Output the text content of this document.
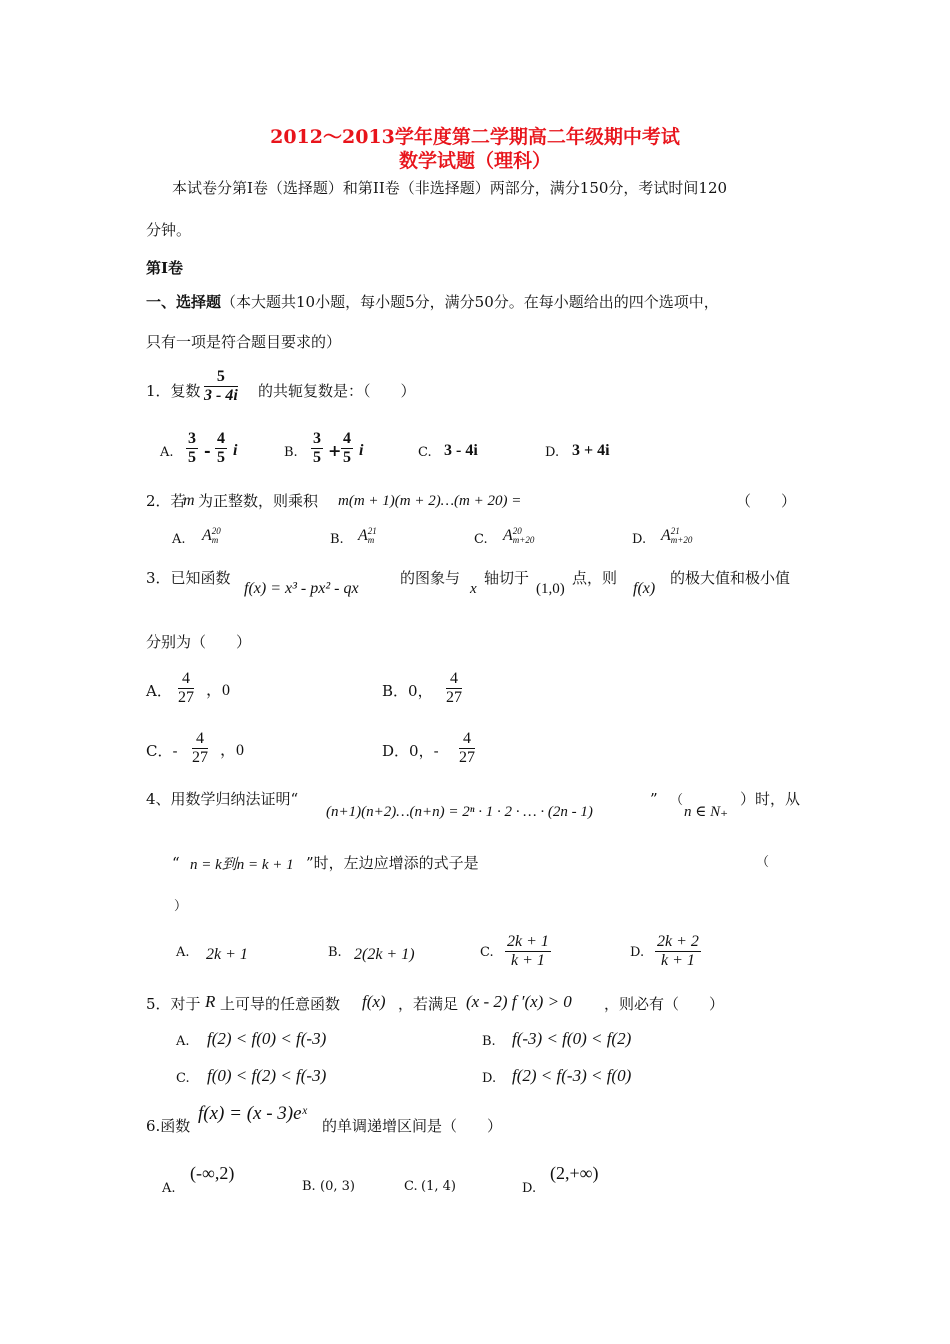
2012～2013学年度第二学期高二年级期中考试
数学试题（理科）
本试卷分第I卷（选择题）和第II卷（非选择题）两部分，满分150分，考试时间120
分钟。
第I卷
一、选择题（本大题共10小题，每小题5分，满分50分。在每小题给出的四个选项中，
只有一项是符合题目要求的）
1．复数 $\frac{5}{3 - 4i}$ 的共轭复数是：（　　）
A. $\frac{3}{5} - \frac{4}{5}$ i	B. $\frac{3}{5} + \frac{4}{5}$ i	C. 3 - 4i	D. 3 + 4i
2．若
m 为正整数，则乘积 m(m + 1)(m + 2)…(m + 20) =	（　　）
A. A 20
m	B. A 21
m	C. A 20
m+20	D. A 21
m+20
3．已知函数
f(x) = x³ - px² - qx
的图象与
x
轴切于
(1,0)
点，则
f(x)
的极大值和极小值
分别为（　　）
A． $\frac{4}{27}$ ，0	B．0， $\frac{4}{27}$
C．- $\frac{4}{27}$ ，0	D．0，- $\frac{4}{27}$
4、用数学归纳法证明“
(n+1)(n+2)…(n+n) = 2ⁿ · 1 · 2 · … · (2n - 1)
” （
n ∈ N₊
）时，从
“ n = k到n = k + 1 ”时，左边应增添的式子是	（
）
A. 2k + 1	B. 2(2k + 1)	C. $\frac{2k + 1}{k + 1}$	D. $\frac{2k + 2}{k + 1}$
5．对于 R 上可导的任意函数 f(x) ，若满足 (x - 2) f ′(x) > 0 ，则必有（　　）
A. f(2) < f(0) < f(-3)	B. f(-3) < f(0) < f(2)
C. f(0) < f(2) < f(-3)	D. f(2) < f(-3) < f(0)
6.函数
f(x) = (x - 3)eˣ
的单调递增区间是（　　）
A.
(-∞,2)
B. (0, 3)	C. (1, 4)	D.
(2,+∞)
